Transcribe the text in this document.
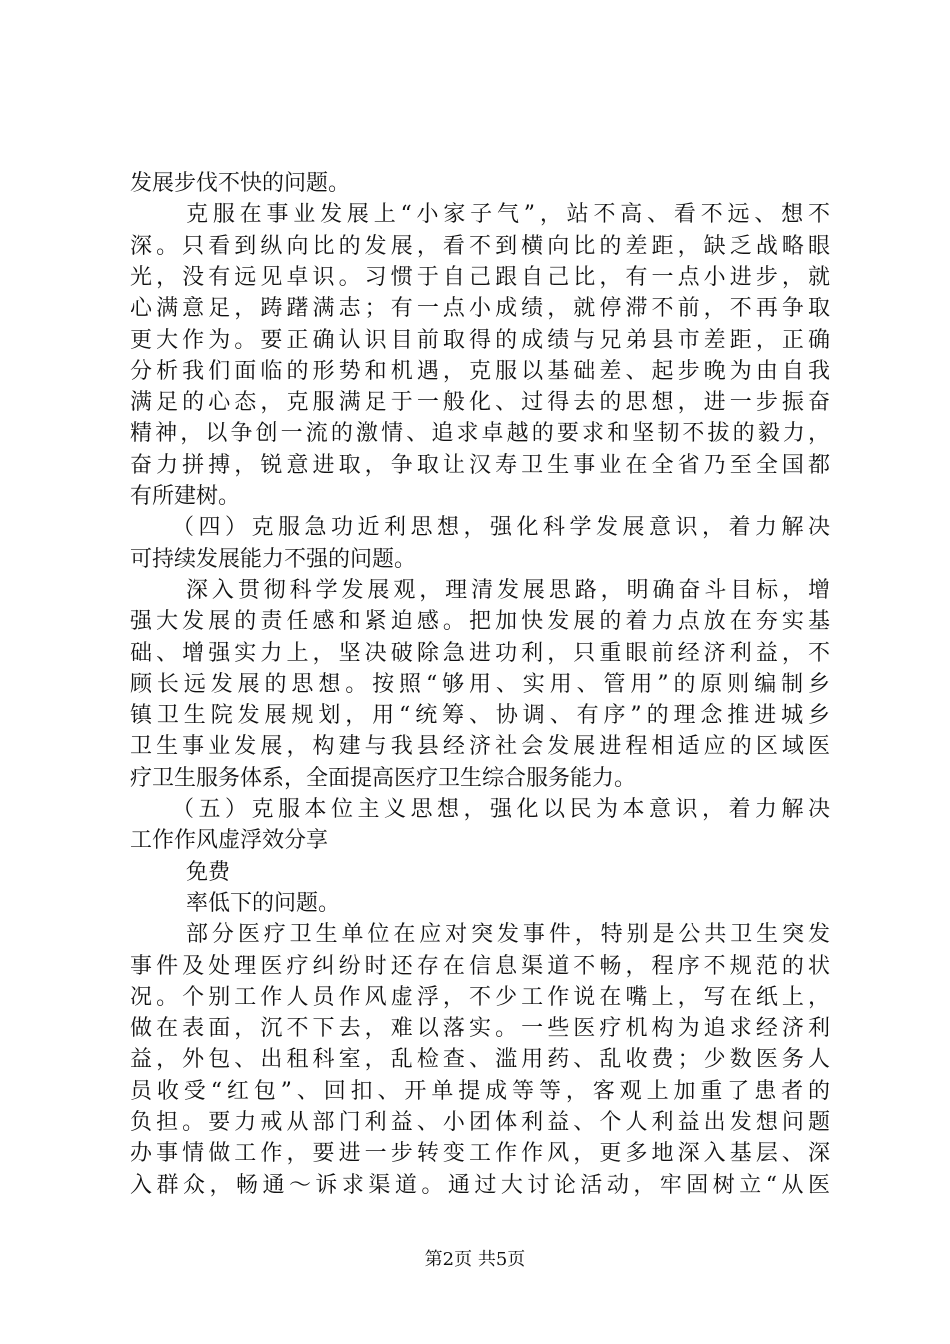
发展步伐不快的问题。
克服在事业发展上“小家子气”，站不高、看不远、想不
深。只看到纵向比的发展，看不到横向比的差距，缺乏战略眼
光，没有远见卓识。习惯于自己跟自己比，有一点小进步，就
心满意足，踌躇满志；有一点小成绩，就停滞不前，不再争取
更大作为。要正确认识目前取得的成绩与兄弟县市差距，正确
分析我们面临的形势和机遇，克服以基础差、起步晚为由自我
满足的心态，克服满足于一般化、过得去的思想，进一步振奋
精神，以争创一流的激情、追求卓越的要求和坚韧不拔的毅力，
奋力拼搏，锐意进取，争取让汉寿卫生事业在全省乃至全国都
有所建树。
（四）克服急功近利思想，强化科学发展意识，着力解决
可持续发展能力不强的问题。
深入贯彻科学发展观，理清发展思路，明确奋斗目标，增
强大发展的责任感和紧迫感。把加快发展的着力点放在夯实基
础、增强实力上，坚决破除急进功利，只重眼前经济利益，不
顾长远发展的思想。按照“够用、实用、管用”的原则编制乡
镇卫生院发展规划，用“统筹、协调、有序”的理念推进城乡
卫生事业发展，构建与我县经济社会发展进程相适应的区域医
疗卫生服务体系，全面提高医疗卫生综合服务能力。
（五）克服本位主义思想，强化以民为本意识，着力解决
工作作风虚浮效分享
免费
率低下的问题。
部分医疗卫生单位在应对突发事件，特别是公共卫生突发
事件及处理医疗纠纷时还存在信息渠道不畅，程序不规范的状
况。个别工作人员作风虚浮，不少工作说在嘴上，写在纸上，
做在表面，沉不下去，难以落实。一些医疗机构为追求经济利
益，外包、出租科室，乱检查、滥用药、乱收费；少数医务人
员收受“红包”、回扣、开单提成等等，客观上加重了患者的
负担。要力戒从部门利益、小团体利益、个人利益出发想问题
办事情做工作，要进一步转变工作作风，更多地深入基层、深
入群众，畅通～诉求渠道。通过大讨论活动，牢固树立“从医
第2页 共5页
